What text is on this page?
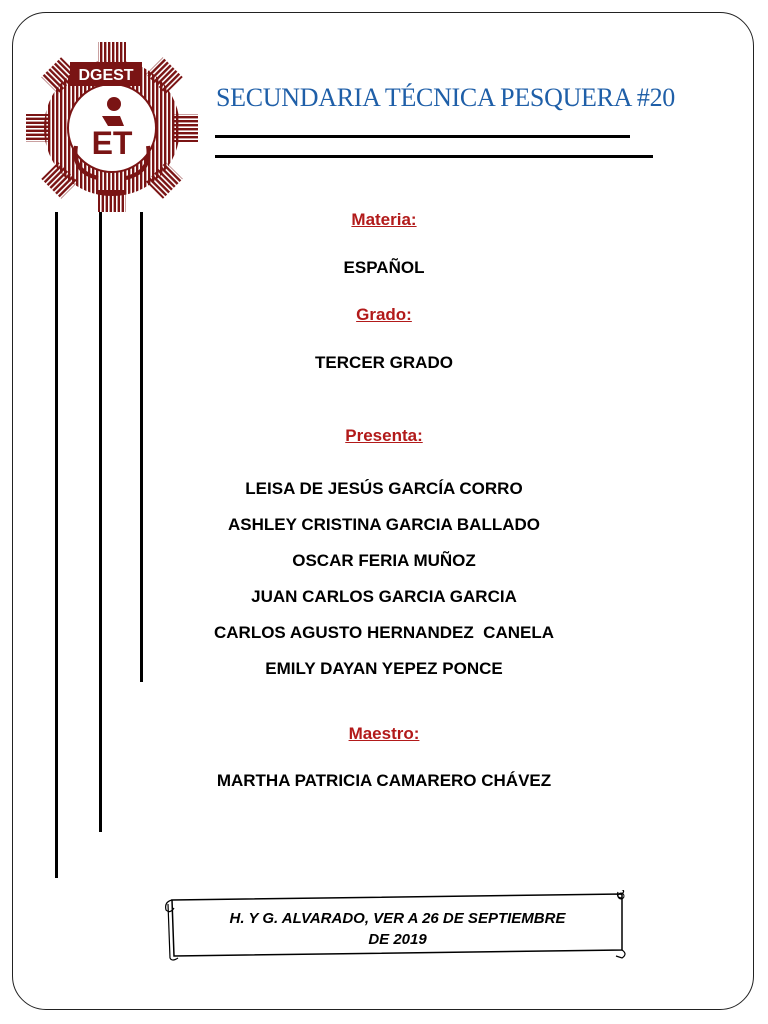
ET
DGEST
SECUNDARIA TÉCNICA PESQUERA #20
Materia:
ESPAÑOL
Grado:
TERCER GRADO
Presenta:
LEISA DE JESÚS GARCÍA CORRO
ASHLEY CRISTINA GARCIA BALLADO
OSCAR FERIA MUÑOZ
JUAN CARLOS GARCIA GARCIA
CARLOS AGUSTO HERNANDEZ  CANELA
EMILY DAYAN YEPEZ PONCE
Maestro:
MARTHA PATRICIA CAMARERO CHÁVEZ
H. Y G. ALVARADO, VER A 26 DE SEPTIEMBRE
DE 2019
